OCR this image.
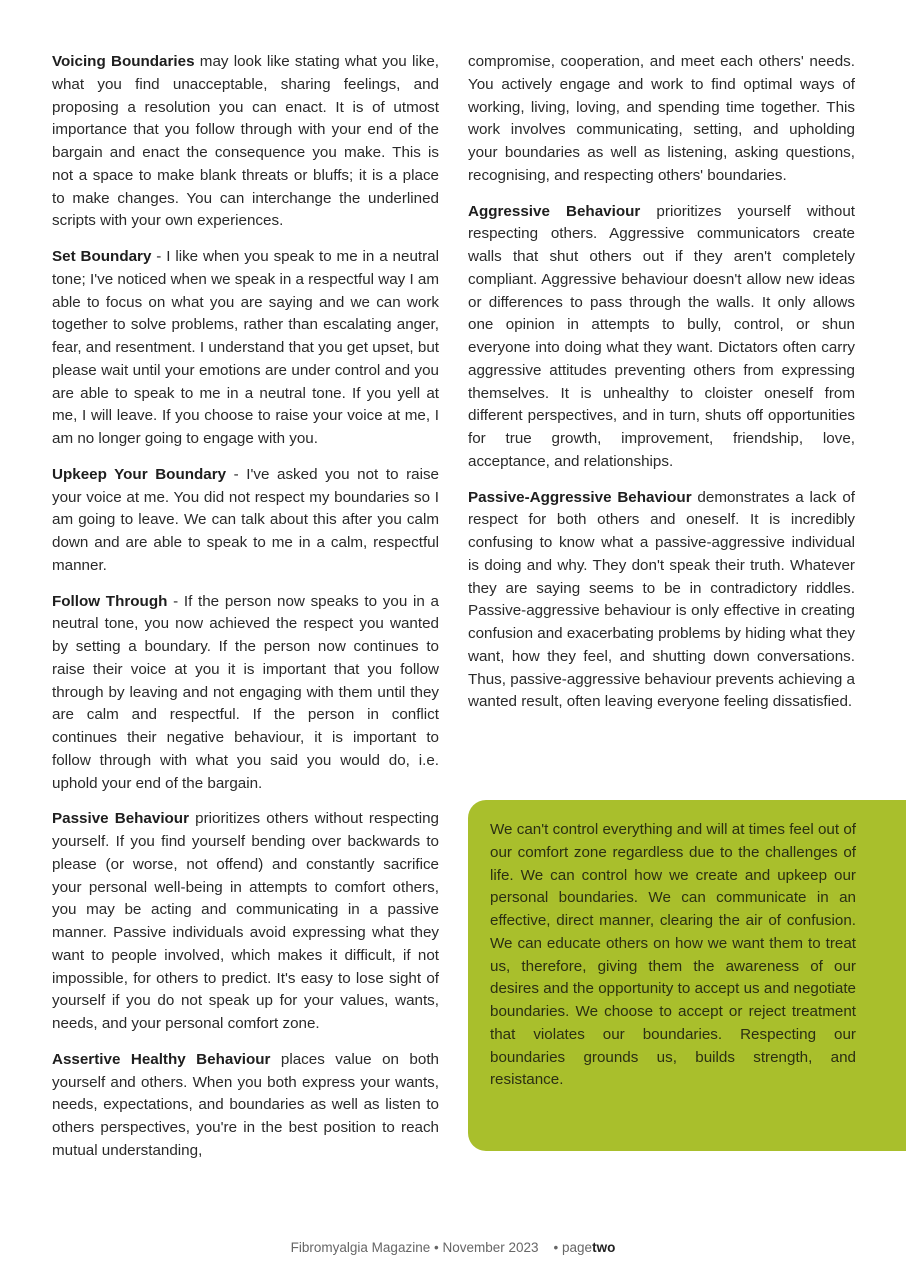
Voicing Boundaries may look like stating what you like, what you find unacceptable, sharing feelings, and proposing a resolution you can enact. It is of utmost importance that you follow through with your end of the bargain and enact the consequence you make. This is not a space to make blank threats or bluffs; it is a place to make changes. You can interchange the underlined scripts with your own experiences.

Set Boundary - I like when you speak to me in a neutral tone; I've noticed when we speak in a respectful way I am able to focus on what you are saying and we can work together to solve problems, rather than escalating anger, fear, and resentment. I understand that you get upset, but please wait until your emotions are under control and you are able to speak to me in a neutral tone. If you yell at me, I will leave. If you choose to raise your voice at me, I am no longer going to engage with you.

Upkeep Your Boundary - I've asked you not to raise your voice at me. You did not respect my boundaries so I am going to leave. We can talk about this after you calm down and are able to speak to me in a calm, respectful manner.

Follow Through - If the person now speaks to you in a neutral tone, you now achieved the respect you wanted by setting a boundary. If the person now continues to raise their voice at you it is important that you follow through by leaving and not engaging with them until they are calm and respectful. If the person in conflict continues their negative behaviour, it is important to follow through with what you said you would do, i.e. uphold your end of the bargain.

Passive Behaviour prioritizes others without respecting yourself. If you find yourself bending over backwards to please (or worse, not offend) and constantly sacrifice your personal well-being in attempts to comfort others, you may be acting and communicating in a passive manner. Passive individuals avoid expressing what they want to people involved, which makes it difficult, if not impossible, for others to predict. It's easy to lose sight of yourself if you do not speak up for your values, wants, needs, and your personal comfort zone.

Assertive Healthy Behaviour places value on both yourself and others. When you both express your wants, needs, expectations, and boundaries as well as listen to others perspectives, you're in the best position to reach mutual understanding,

compromise, cooperation, and meet each others' needs. You actively engage and work to find optimal ways of working, living, loving, and spending time together. This work involves communicating, setting, and upholding your boundaries as well as listening, asking questions, recognising, and respecting others' boundaries.

Aggressive Behaviour prioritizes yourself without respecting others. Aggressive communicators create walls that shut others out if they aren't completely compliant. Aggressive behaviour doesn't allow new ideas or differences to pass through the walls. It only allows one opinion in attempts to bully, control, or shun everyone into doing what they want. Dictators often carry aggressive attitudes preventing others from expressing themselves. It is unhealthy to cloister oneself from different perspectives, and in turn, shuts off opportunities for true growth, improvement, friendship, love, acceptance, and relationships.

Passive-Aggressive Behaviour demonstrates a lack of respect for both others and oneself. It is incredibly confusing to know what a passive-aggressive individual is doing and why. They don't speak their truth. Whatever they are saying seems to be in contradictory riddles. Passive-aggressive behaviour is only effective in creating confusion and exacerbating problems by hiding what they want, how they feel, and shutting down conversations. Thus, passive-aggressive behaviour prevents achieving a wanted result, often leaving everyone feeling dissatisfied.

We can't control everything and will at times feel out of our comfort zone regardless due to the challenges of life. We can control how we create and upkeep our personal boundaries. We can communicate in an effective, direct manner, clearing the air of confusion. We can educate others on how we want them to treat us, therefore, giving them the awareness of our desires and the opportunity to accept us and negotiate boundaries. We choose to accept or reject treatment that violates our boundaries. Respecting our boundaries grounds us, builds strength, and resistance.
Fibromyalgia Magazine • November 2023    • pagetwo
